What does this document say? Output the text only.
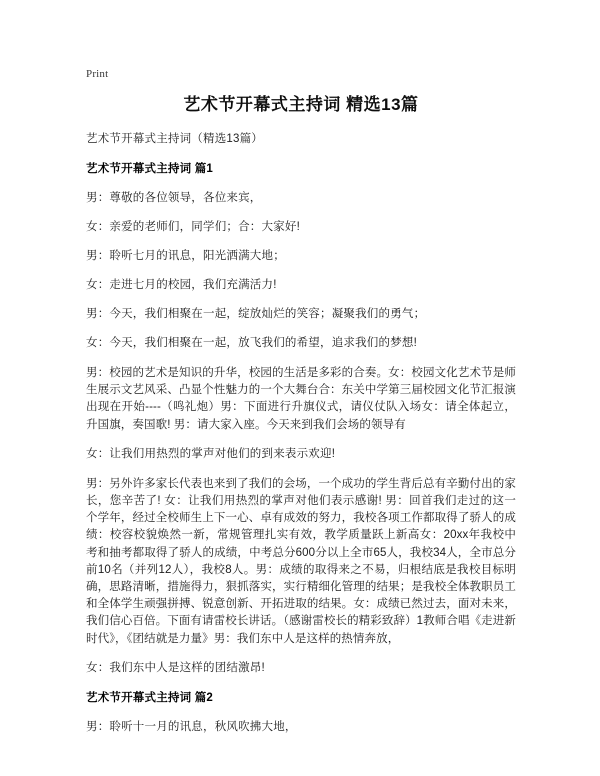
Print
艺术节开幕式主持词 精选13篇

艺术节开幕式主持词（精选13篇）

艺术节开幕式主持词 篇1

男：尊敬的各位领导，各位来宾，

女：亲爱的老师们，同学们；合：大家好!

男：聆听七月的讯息，阳光洒满大地；

女：走进七月的校园，我们充满活力!

男：今天，我们相聚在一起，绽放灿烂的笑容；凝聚我们的勇气；

女：今天，我们相聚在一起，放飞我们的希望，追求我们的梦想!

男：校园的艺术是知识的升华，校园的生活是多彩的合奏。女：校园文化艺术节是师生展示文艺风采、凸显个性魅力的一个大舞台合：东关中学第三届校园文化节汇报演出现在开始----（鸣礼炮）男：下面进行升旗仪式，请仪仗队入场女：请全体起立，升国旗，奏国歌! 男：请大家入座。今天来到我们会场的领导有

女：让我们用热烈的掌声对他们的到来表示欢迎!

男：另外许多家长代表也来到了我们的会场，一个成功的学生背后总有辛勤付出的家长，您辛苦了! 女：让我们用热烈的掌声对他们表示感谢! 男：回首我们走过的这一个学年，经过全校师生上下一心、卓有成效的努力，我校各项工作都取得了骄人的成绩：校容校貌焕然一新，常规管理扎实有效，教学质量跃上新高女：20xx年我校中考和抽考都取得了骄人的成绩，中考总分600分以上全市65人，我校34人，全市总分前10名（并列12人），我校8人。男：成绩的取得来之不易，归根结底是我校目标明确，思路清晰，措施得力，狠抓落实，实行精细化管理的结果；是我校全体教职员工和全体学生顽强拼搏、锐意创新、开拓进取的结果。女：成绩已然过去，面对未来，我们信心百倍。下面有请雷校长讲话。（感谢雷校长的精彩致辞）1教师合唱《走进新时代》，《团结就是力量》男：我们东中人是这样的热情奔放，

女：我们东中人是这样的团结激昂!

艺术节开幕式主持词 篇2

男：聆听十一月的讯息，秋风吹拂大地，
